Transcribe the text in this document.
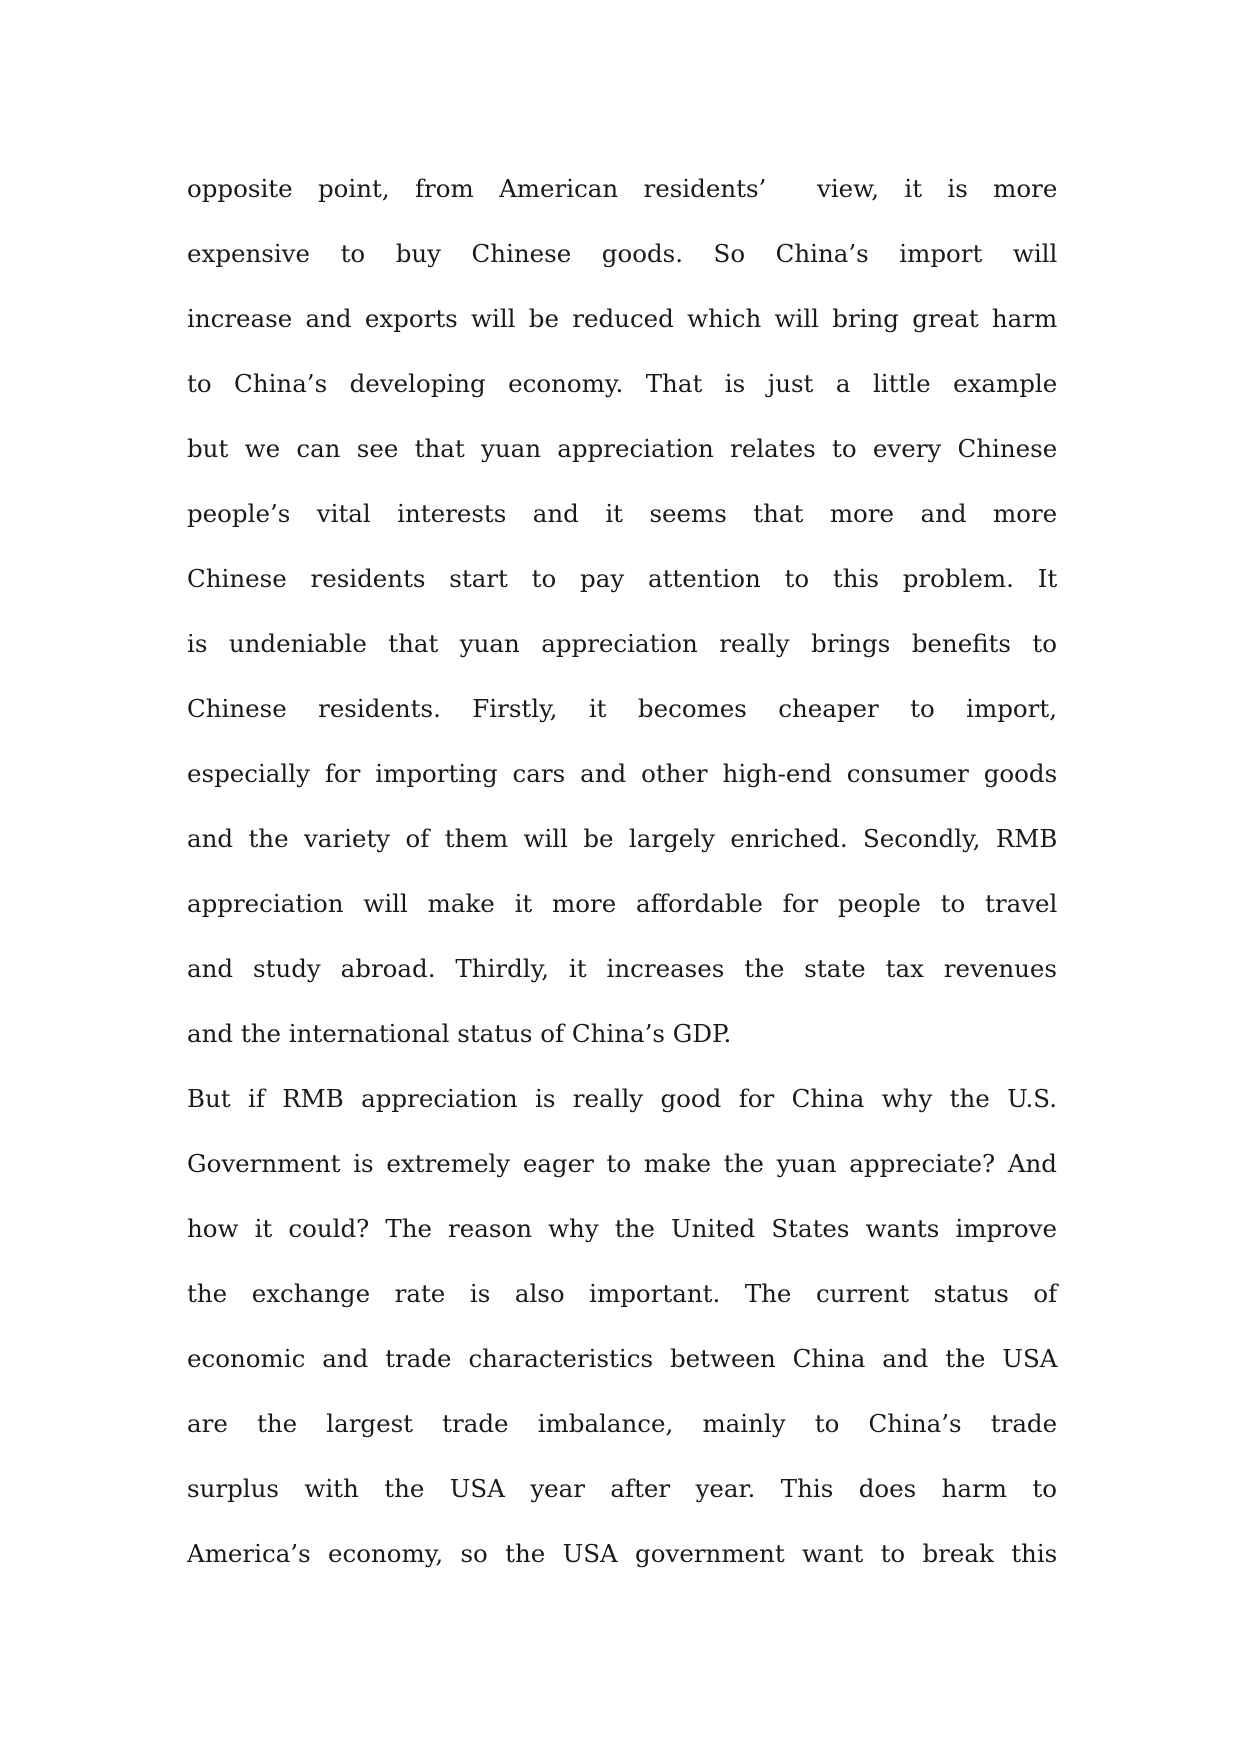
opposite point, from American residents’  view, it is more
expensive to buy Chinese goods. So China’s import will
increase and exports will be reduced which will bring great harm
to China’s developing economy. That is just a little example
but we can see that yuan appreciation relates to every Chinese
people’s vital interests and it seems that more and more
Chinese residents start to pay attention to this problem. It
is undeniable that yuan appreciation really brings benefits to
Chinese residents. Firstly, it becomes cheaper to import,
especially for importing cars and other high-end consumer goods
and the variety of them will be largely enriched. Secondly, RMB
appreciation will make it more affordable for people to travel
and study abroad. Thirdly, it increases the state tax revenues
and the international status of China’s GDP.
But if RMB appreciation is really good for China why the U.S.
Government is extremely eager to make the yuan appreciate? And
how it could? The reason why the United States wants improve
the exchange rate is also important. The current status of
economic and trade characteristics between China and the USA
are the largest trade imbalance, mainly to China’s trade
surplus with the USA year after year. This does harm to
America’s economy, so the USA government want to break this
